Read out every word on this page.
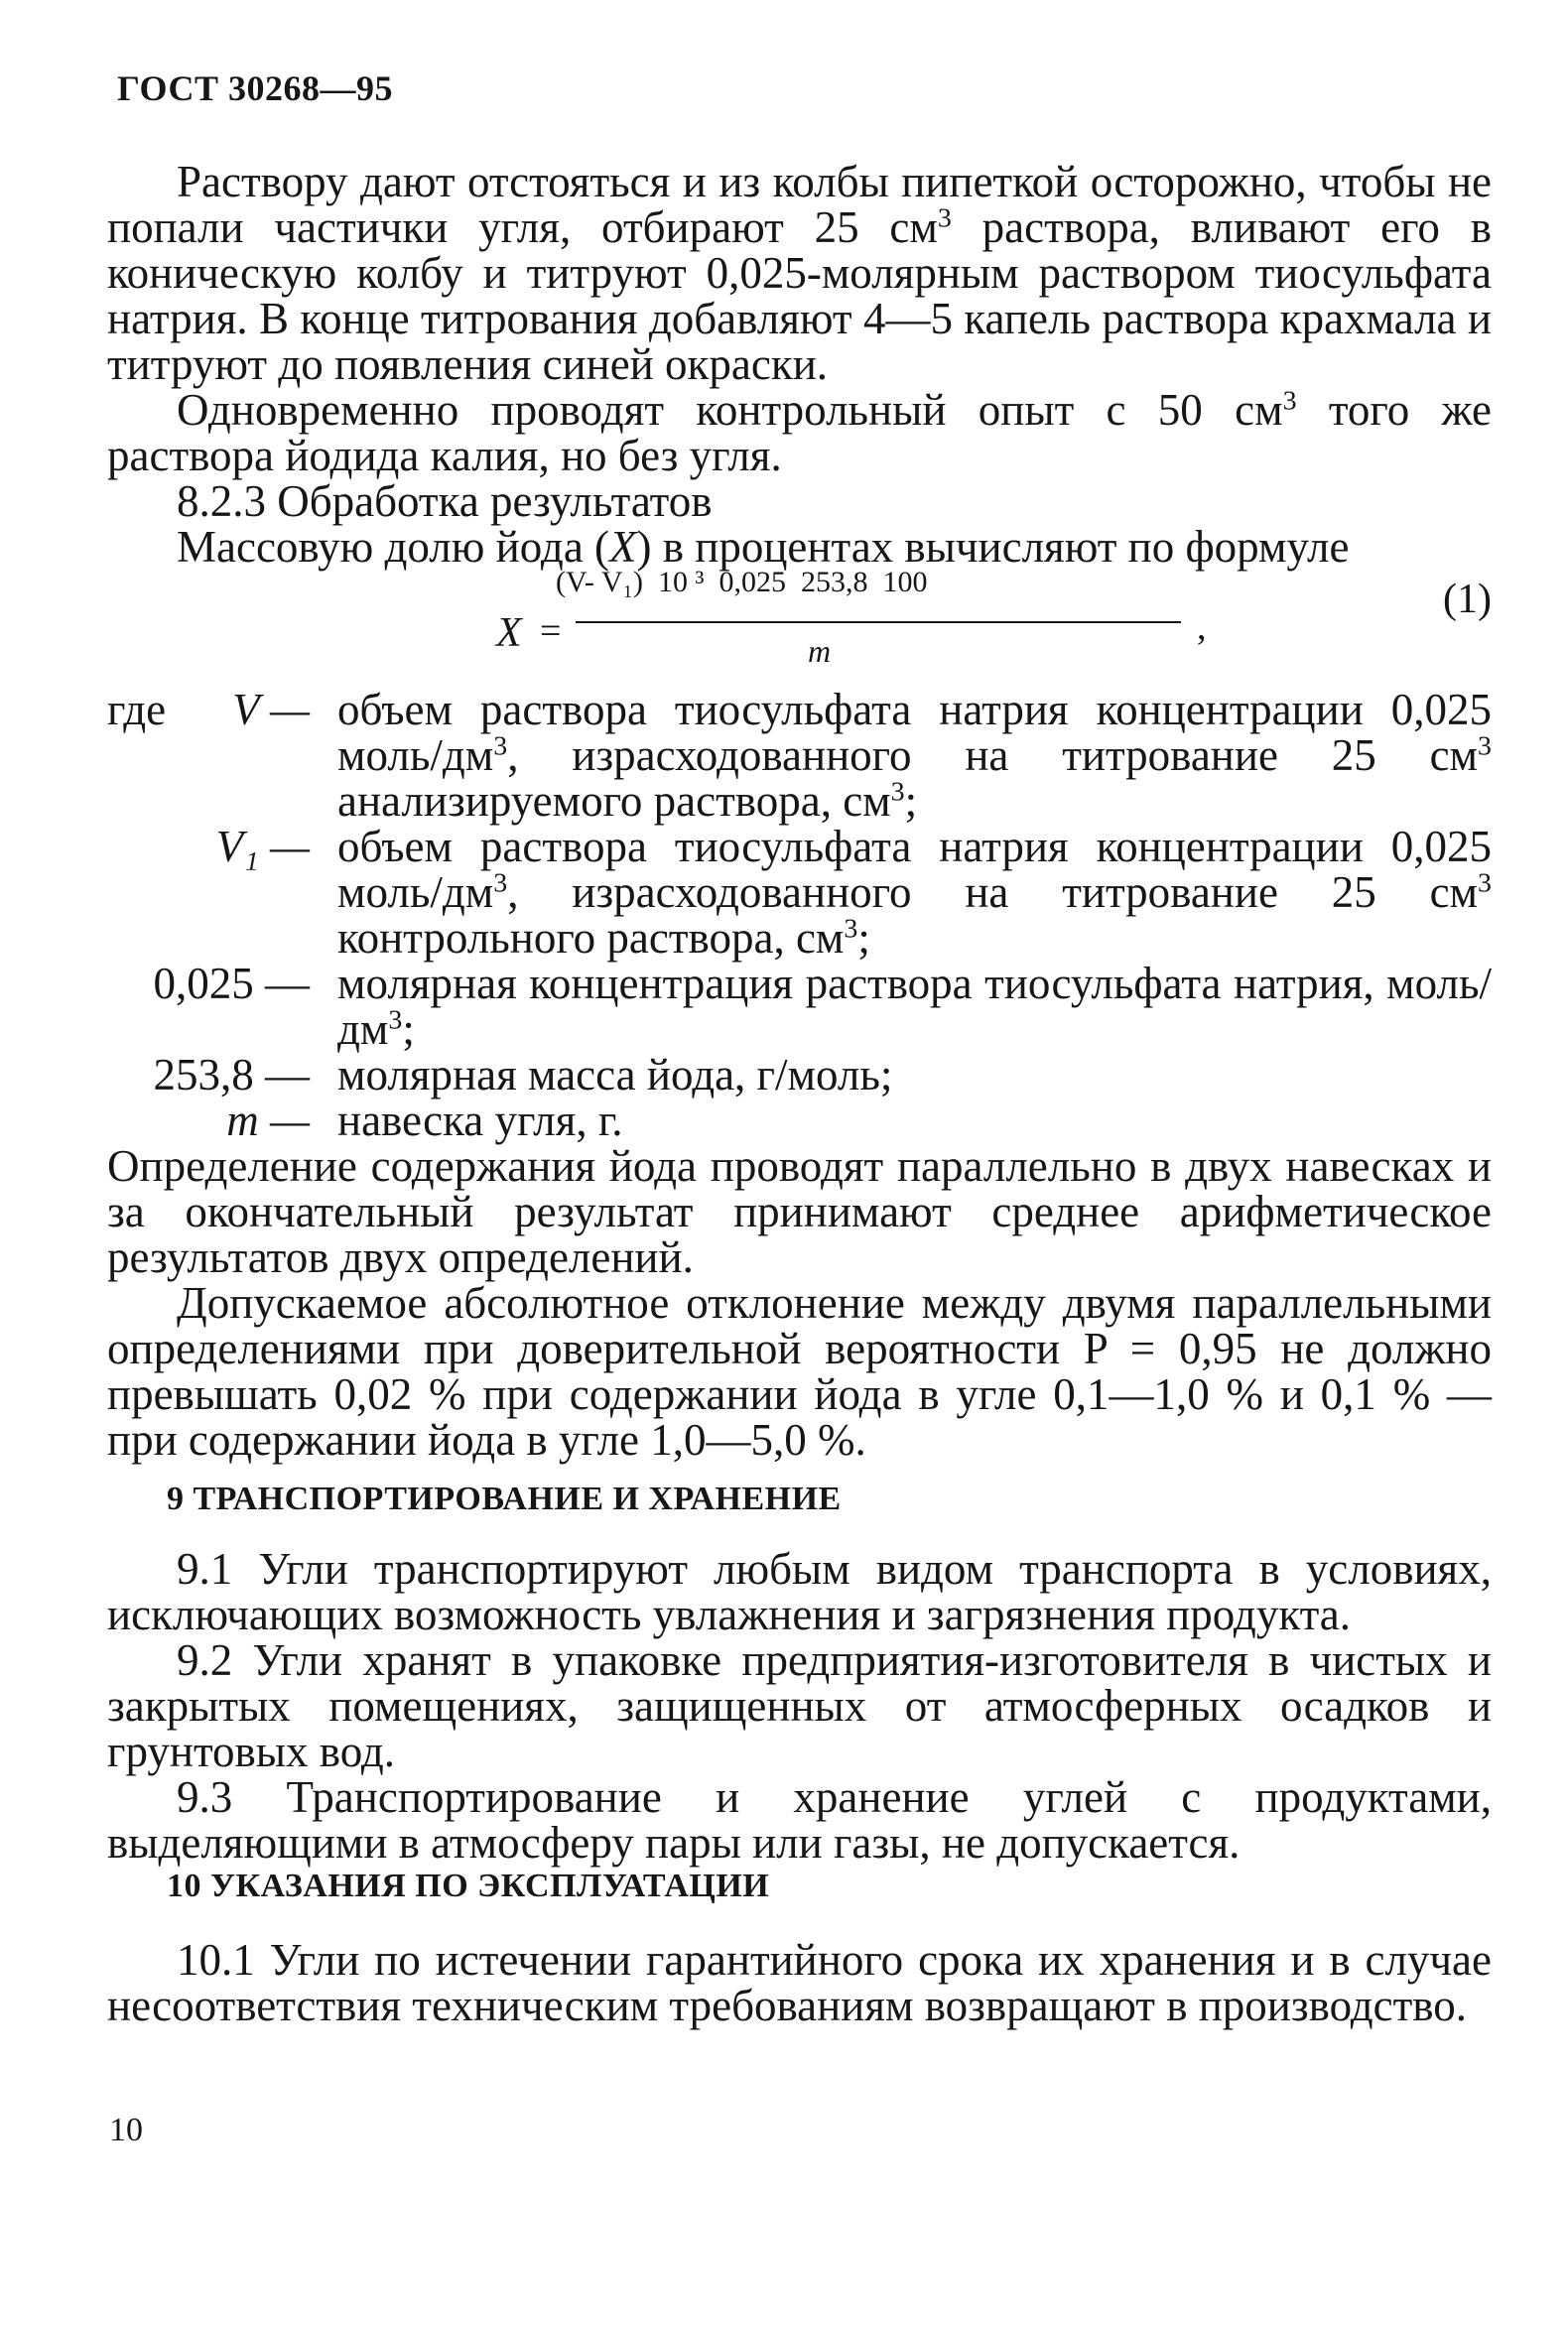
ГОСТ 30268—95

Раствору дают отстояться и из колбы пипеткой осторожно, чтобы не попали частички угля, отбирают 25 $см^3$ раствора, вливают его в коническую колбу и титруют 0,025-молярным раствором тиосульфата натрия. В конце титрования добавляют 4—5 капель раствора крахмала и титруют до появления синей окраски.

Одновременно проводят контрольный опыт с 50 $см^3$ того же раствора йодида калия, но без угля.

8.2.3 Обработка результатов

Массовую долю йода (X) в процентах вычисляют по формуле

X =
(V- V₁)  10 ³  0,025  253,8  100
m
,
(1)
где V — объем раствора тиосульфата натрия концентрации 0,025 моль/$дм^3$, израсходованного на титрование 25 $см^3$ анализируемого раствора, $см^3$;
V₁ — объем раствора тиосульфата натрия концентрации 0,025 моль/$дм^3$, израсходованного на титрование 25 $см^3$ контрольного раствора, $см^3$;
0,025 — молярная концентрация раствора тиосульфата натрия, моль/$дм^3$;
253,8 — молярная масса йода, г/моль;
m — навеска угля, г.

Определение содержания йода проводят параллельно в двух навесках и за окончательный результат принимают среднее арифметическое результатов двух определений.

Допускаемое абсолютное отклонение между двумя параллельными определениями при доверительной вероятности P = 0,95 не должно превышать 0,02 % при содержании йода в угле 0,1—1,0 % и 0,1 % — при содержании йода в угле 1,0—5,0 %.

9 ТРАНСПОРТИРОВАНИЕ И ХРАНЕНИЕ

9.1 Угли транспортируют любым видом транспорта в условиях, исключающих возможность увлажнения и загрязнения продукта.

9.2 Угли хранят в упаковке предприятия-изготовителя в чистых и закрытых помещениях, защищенных от атмосферных осадков и грунтовых вод.

9.3 Транспортирование и хранение углей с продуктами, выделяющими в атмосферу пары или газы, не допускается.

10 УКАЗАНИЯ ПО ЭКСПЛУАТАЦИИ

10.1 Угли по истечении гарантийного срока их хранения и в случае несоответствия техническим требованиям возвращают в производство.

10
